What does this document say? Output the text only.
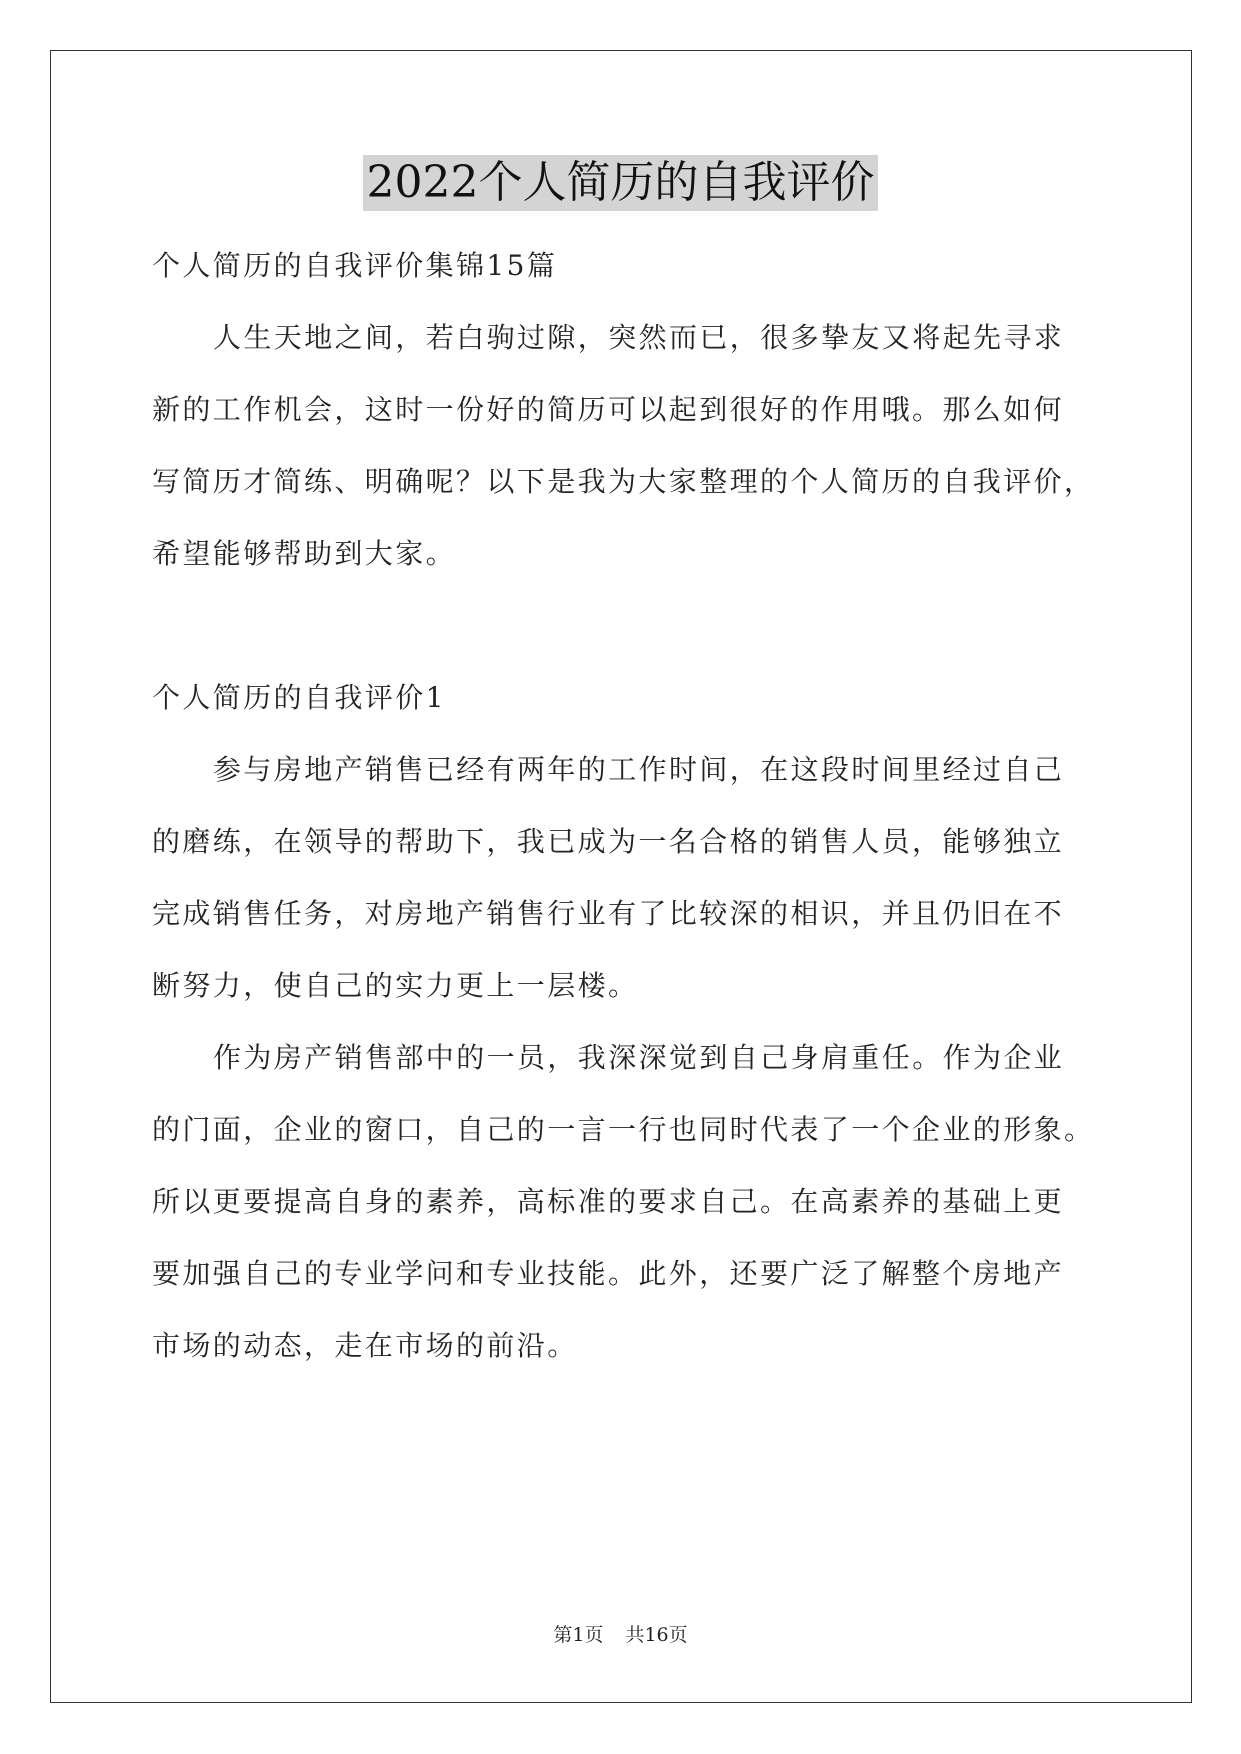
2022个人简历的自我评价
个人简历的自我评价集锦15篇
人生天地之间，若白驹过隙，突然而已，很多挚友又将起先寻求
新的工作机会，这时一份好的简历可以起到很好的作用哦。那么如何
写简历才简练、明确呢？以下是我为大家整理的个人简历的自我评价，
希望能够帮助到大家。
个人简历的自我评价1
参与房地产销售已经有两年的工作时间，在这段时间里经过自己
的磨练，在领导的帮助下，我已成为一名合格的销售人员，能够独立
完成销售任务，对房地产销售行业有了比较深的相识，并且仍旧在不
断努力，使自己的实力更上一层楼。
作为房产销售部中的一员，我深深觉到自己身肩重任。作为企业
的门面，企业的窗口，自己的一言一行也同时代表了一个企业的形象。
所以更要提高自身的素养，高标准的要求自己。在高素养的基础上更
要加强自己的专业学问和专业技能。此外，还要广泛了解整个房地产
市场的动态，走在市场的前沿。
第1页 共16页
